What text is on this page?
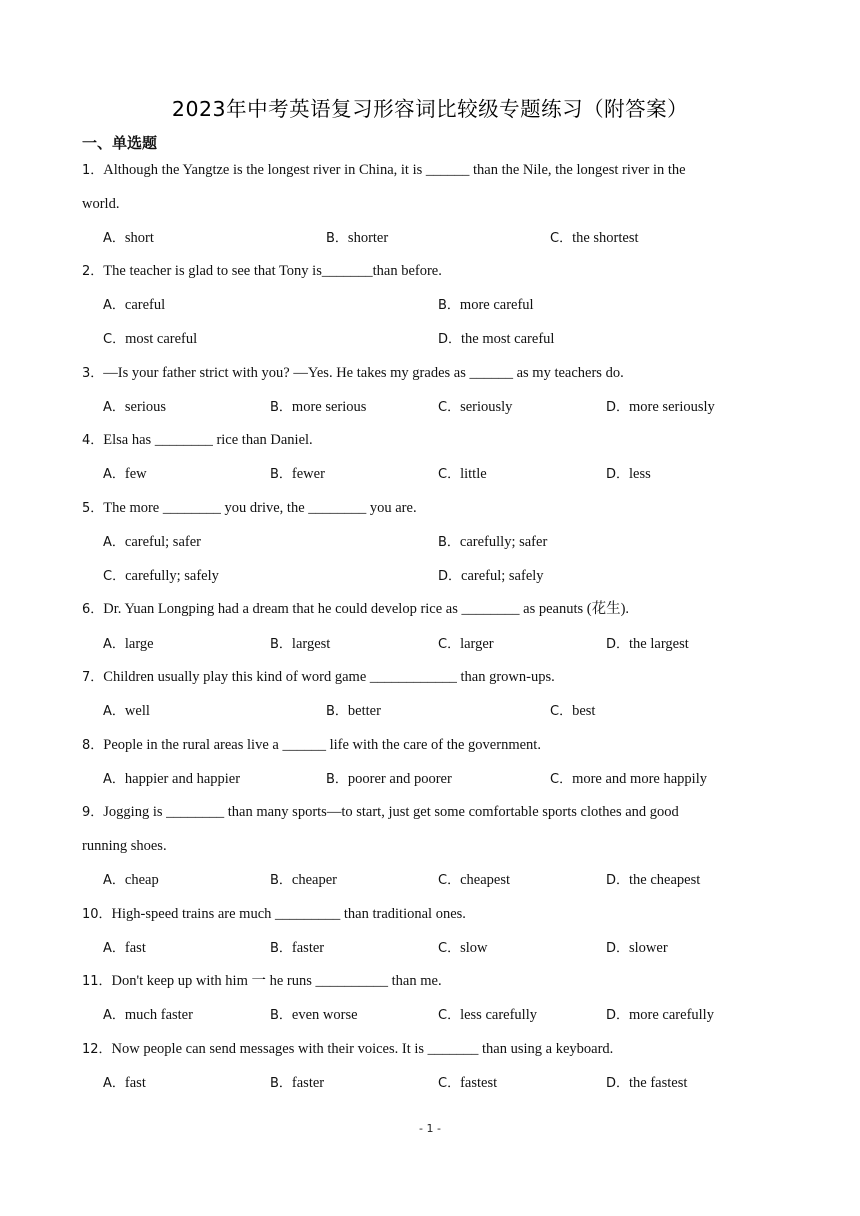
2023年中考英语复习形容词比较级专题练习（附答案）
一、单选题
1．Although the Yangtze is the longest river in China, it is ______ than the Nile, the longest river in the
world.
A．short	B．shorter	C．the shortest
2．The teacher is glad to see that Tony is_______than before.
A．careful	B．more careful
C．most careful	D．the most careful
3．—Is your father strict with you? —Yes. He takes my grades as ______ as my teachers do.
A．serious	B．more serious	C．seriously	D．more seriously
4．Elsa has ________ rice than Daniel.
A．few	B．fewer	C．little	D．less
5．The more ________ you drive, the ________ you are.
A．careful; safer	B．carefully; safer
C．carefully; safely	D．careful; safely
6．Dr. Yuan Longping had a dream that he could develop rice as ________ as peanuts (花生).
A．large	B．largest	C．larger	D．the largest
7．Children usually play this kind of word game ____________ than grown-ups.
A．well	B．better	C．best
8．People in the rural areas live a ______ life with the care of the government.
A．happier and happier	B．poorer and poorer	C．more and more happily
9．Jogging is ________ than many sports—to start, just get some comfortable sports clothes and good
running shoes.
A．cheap	B．cheaper	C．cheapest	D．the cheapest
10．High-speed trains are much _________ than traditional ones.
A．fast	B．faster	C．slow	D．slower
11．Don't keep up with him 一 he runs __________ than me.
A．much faster	B．even worse	C．less carefully	D．more carefully
12．Now people can send messages with their voices. It is _______ than using a keyboard.
A．fast	B．faster	C．fastest	D．the fastest
- 1 -
